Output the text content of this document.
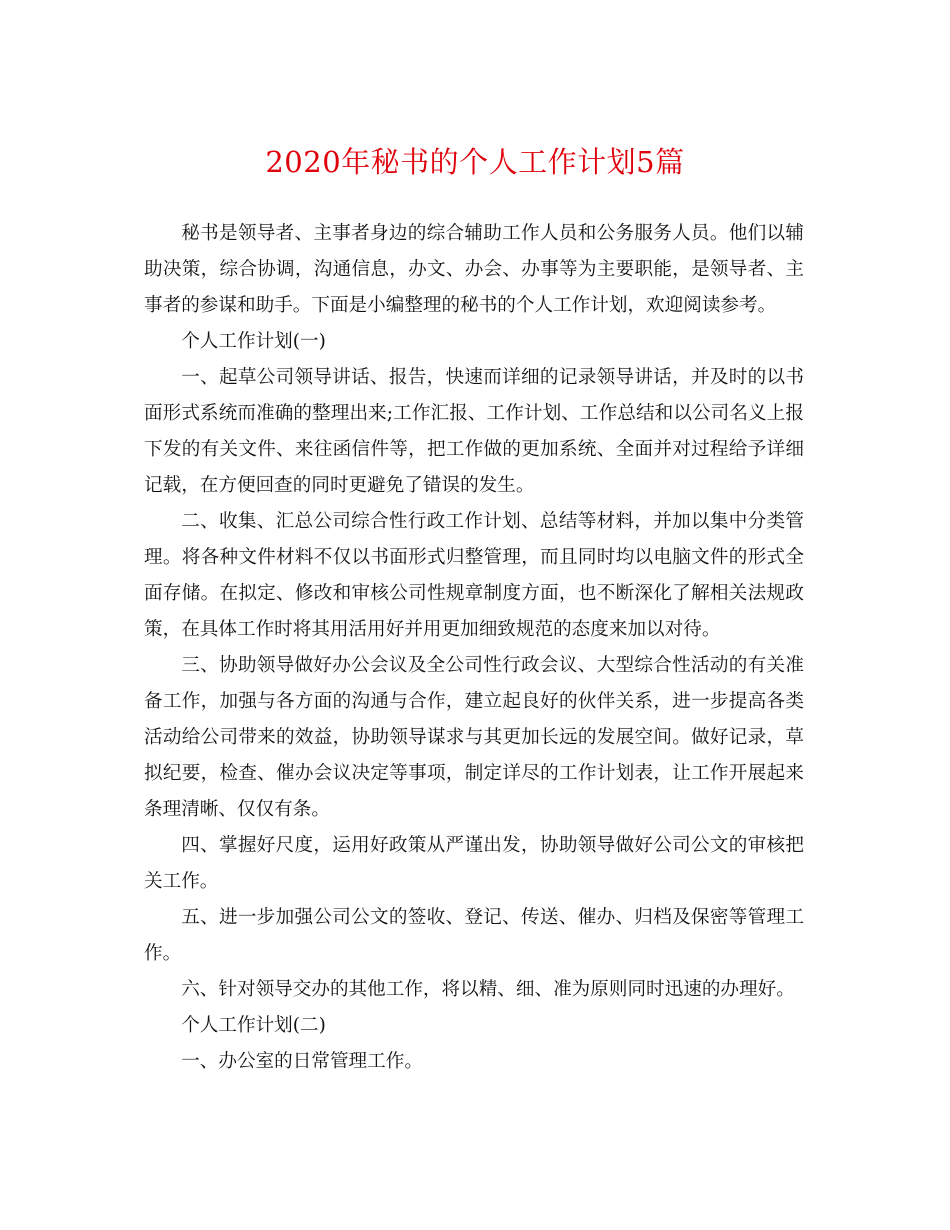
2020年秘书的个人工作计划5篇

秘书是领导者、主事者身边的综合辅助工作人员和公务服务人员。他们以辅助决策，综合协调，沟通信息，办文、办会、办事等为主要职能，是领导者、主事者的参谋和助手。下面是小编整理的秘书的个人工作计划，欢迎阅读参考。

个人工作计划(一)

一、起草公司领导讲话、报告，快速而详细的记录领导讲话，并及时的以书面形式系统而准确的整理出来;工作汇报、工作计划、工作总结和以公司名义上报下发的有关文件、来往函信件等，把工作做的更加系统、全面并对过程给予详细记载，在方便回查的同时更避免了错误的发生。

二、收集、汇总公司综合性行政工作计划、总结等材料，并加以集中分类管理。将各种文件材料不仅以书面形式归整管理，而且同时均以电脑文件的形式全面存储。在拟定、修改和审核公司性规章制度方面，也不断深化了解相关法规政策，在具体工作时将其用活用好并用更加细致规范的态度来加以对待。

三、协助领导做好办公会议及全公司性行政会议、大型综合性活动的有关准备工作，加强与各方面的沟通与合作，建立起良好的伙伴关系，进一步提高各类活动给公司带来的效益，协助领导谋求与其更加长远的发展空间。做好记录，草拟纪要，检查、催办会议决定等事项，制定详尽的工作计划表，让工作开展起来条理清晰、仅仅有条。

四、掌握好尺度，运用好政策从严谨出发，协助领导做好公司公文的审核把关工作。

五、进一步加强公司公文的签收、登记、传送、催办、归档及保密等管理工作。

六、针对领导交办的其他工作，将以精、细、准为原则同时迅速的办理好。

个人工作计划(二)

一、办公室的日常管理工作。
